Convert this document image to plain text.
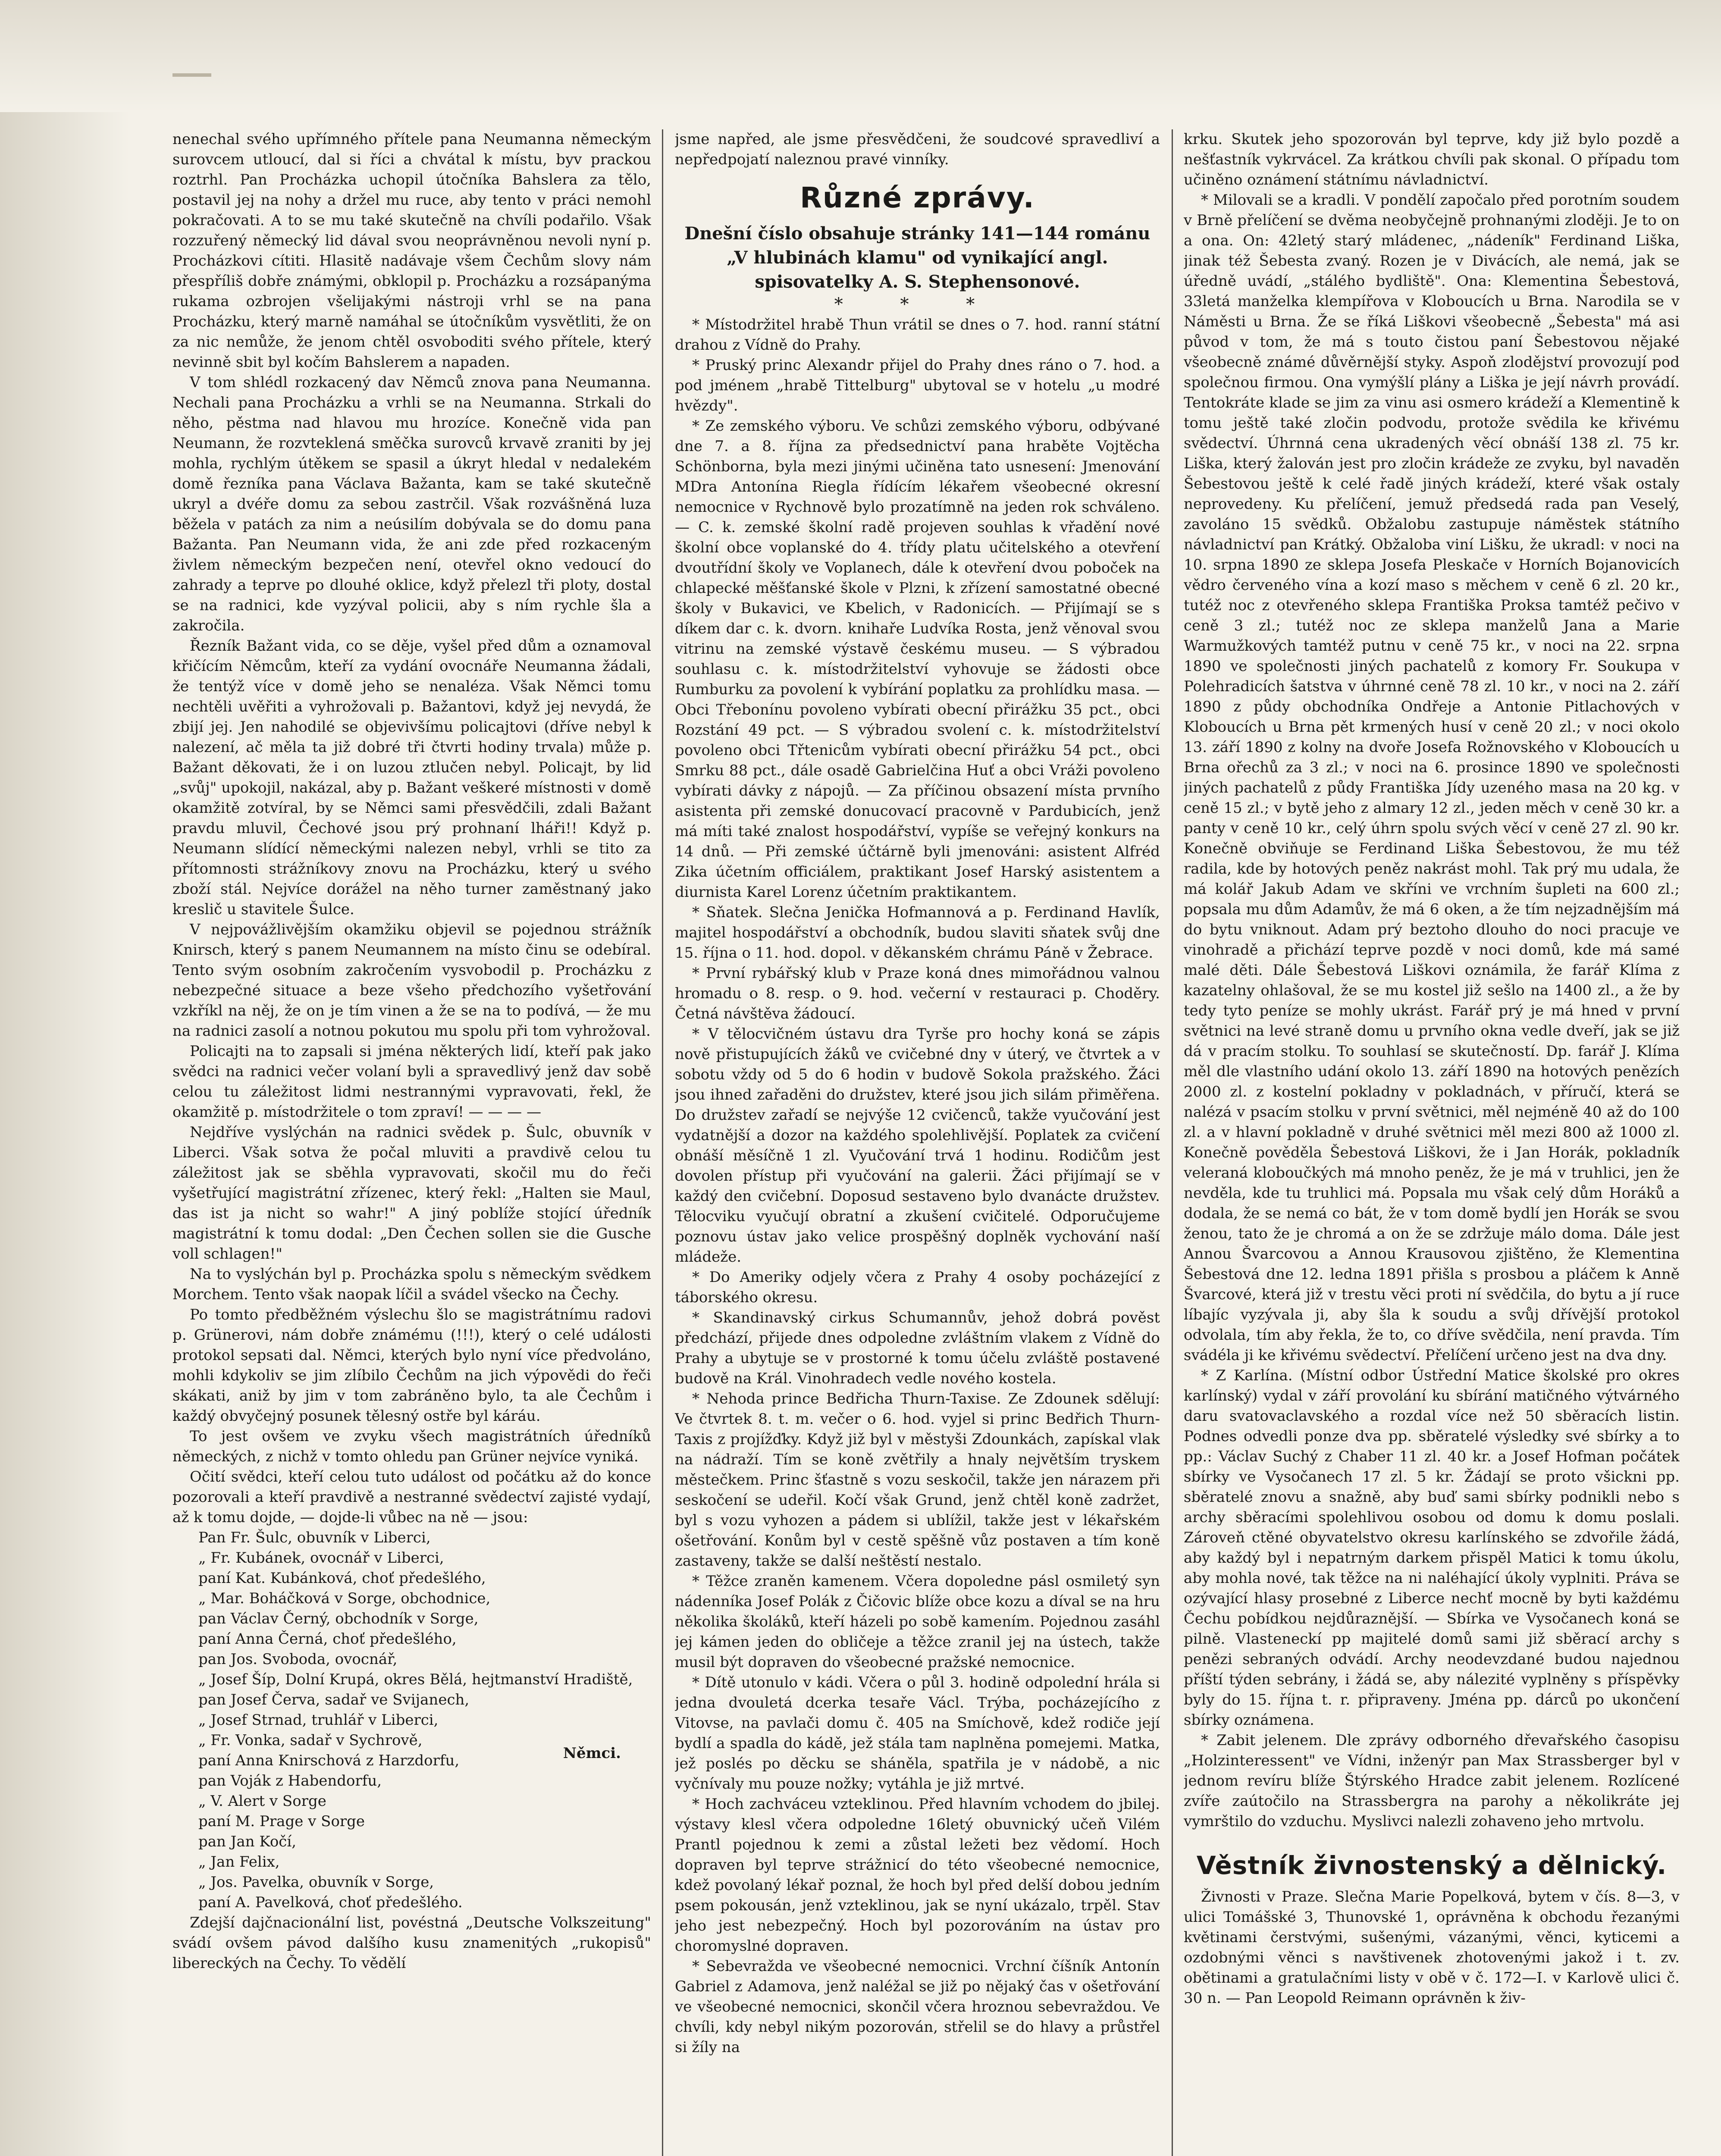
nenechal svého upřímného přítele pana Neumanna německým surovcem utloucí, dal si říci a chvátal k místu, byv prackou roztrhl. Pan Procházka uchopil útočníka Bahslera za tělo, postavil jej na nohy a držel mu ruce, aby tento v práci nemohl pokračovati. A to se mu také skutečně na chvíli podařilo. Však rozzuřený německý lid dával svou neoprávněnou nevoli nyní p. Procházkovi cítiti. Hlasitě nadávaje všem Čechům slovy nám přespříliš dobře známými, obklopil p. Procházku a rozsápanýma rukama ozbrojen všelijakými nástroji vrhl se na pana Procházku, který marně namáhal se útočníkům vysvětliti, že on za nic nemůže, že jenom chtěl osvoboditi svého přítele, který nevinně sbit byl kočím Bahslerem a napaden.

V tom shlédl rozkacený dav Němců znova pana Neumanna. Nechali pana Procházku a vrhli se na Neumanna. Strkali do něho, pěstma nad hlavou mu hrozíce. Konečně vida pan Neumann, že rozvteklená směčka surovců krvavě zraniti by jej mohla, rychlým útěkem se spasil a úkryt hledal v nedalekém domě řezníka pana Václava Bažanta, kam se také skutečně ukryl a dvéře domu za sebou zastrčil. Však rozvášněná luza běžela v patách za nim a neúsilím dobývala se do domu pana Bažanta. Pan Neumann vida, že ani zde před rozkaceným živlem německým bezpečen není, otevřel okno vedoucí do zahrady a teprve po dlouhé oklice, když přelezl tři ploty, dostal se na radnici, kde vyzýval policii, aby s ním rychle šla a zakročila.

Řezník Bažant vida, co se děje, vyšel před dům a oznamoval křičícím Němcům, kteří za vydání ovocnáře Neumanna žádali, že tentýž více v domě jeho se nenaléza. Však Němci tomu nechtěli uvěřiti a vyhrožovali p. Bažantovi, když jej nevydá, že zbijí jej. Jen nahodilé se objevivšímu policajtovi (dříve nebyl k nalezení, ač měla ta již dobré tři čtvrti hodiny trvala) může p. Bažant děkovati, že i on luzou ztlučen nebyl. Policajt, by lid „svůj" upokojil, nakázal, aby p. Bažant veškeré místnosti v domě okamžitě zotvíral, by se Němci sami přesvědčili, zdali Bažant pravdu mluvil, Čechové jsou prý prohnaní lháři!! Když p. Neumann slídící německými nalezen nebyl, vrhli se tito za přítomnosti strážníkovy znovu na Procházku, který u svého zboží stál. Nejvíce dorážel na něho turner zaměstnaný jako kreslič u stavitele Šulce.

V nejpovážlivějším okamžiku objevil se pojednou strážník Knirsch, který s panem Neumannem na místo činu se odebíral. Tento svým osobním zakročením vysvobodil p. Procházku z nebezpečné situace a beze všeho předchozího vyšetřování vzkříkl na něj, že on je tím vinen a že se na to podívá, — že mu na radnici zasolí a notnou pokutou mu spolu při tom vyhrožoval.

Policajti na to zapsali si jména některých lidí, kteří pak jako svědci na radnici večer volaní byli a spravedlivý jenž dav sobě celou tu záležitost lidmi nestrannými vypravovati, řekl, že okamžitě p. místodržitele o tom zpraví! — — — —

Nejdříve vyslýchán na radnici svědek p. Šulc, obuvník v Liberci. Však sotva že počal mluviti a pravdivě celou tu záležitost jak se sběhla vypravovati, skočil mu do řeči vyšetřující magistrátní zřízenec, který řekl: „Halten sie Maul, das ist ja nicht so wahr!" A jiný poblíže stojící úředník magistrátní k tomu dodal: „Den Čechen sollen sie die Gusche voll schlagen!"

Na to vyslýchán byl p. Procházka spolu s německým svědkem Morchem. Tento však naopak líčil a svádel všecko na Čechy.

Po tomto předběžném výslechu šlo se magistrátnímu radovi p. Grünerovi, nám dobře známému (!!!), který o celé události protokol sepsati dal. Němci, kterých bylo nyní více předvoláno, mohli kdykoliv se jim zlíbilo Čechům na jich výpovědi do řeči skákati, aniž by jim v tom zabráněno bylo, ta ale Čechům i každý obvyčejný posunek tělesný ostře byl káráu.

To jest ovšem ve zvyku všech magistrátních úředníků německých, z nichž v tomto ohledu pan Grüner nejvíce vyniká.

Očití svědci, kteří celou tuto událost od počátku až do konce pozorovali a kteří pravdivě a nestranné svědectví zajisté vydají, až k tomu dojde, — dojde-li vůbec na ně — jsou:

Pan Fr. Šulc, obuvník v Liberci,
„ Fr. Kubánek, ovocnář v Liberci,
paní Kat. Kubánková, choť předešlého,
„ Mar. Boháčková v Sorge, obchodnice,
pan Václav Černý, obchodník v Sorge,
paní Anna Černá, choť předešlého,
pan Jos. Svoboda, ovocnář,
„ Josef Šíp, Dolní Krupá, okres Bělá, hejtmanství Hradiště,
pan Josef Červa, sadař ve Svijanech,
„ Josef Strnad, truhlář v Liberci,
„ Fr. Vonka, sadař v Sychrově,
paní Anna Knirschová z Harzdorfu,
pan Voják z Habendorfu,
„ V. Alert v Sorge
paní M. Prage v Sorge
pan Jan Kočí,
„ Jan Felix,
„ Jos. Pavelka, obuvník v Sorge,
paní A. Pavelková, choť předešlého.
Němci.

Zdejší dajčnacionální list, povéstná „Deutsche Volkszeitung" svádí ovšem pávod dalšího kusu znamenitých „rukopisů" libereckých na Čechy. To vědělí

jsme napřed, ale jsme přesvědčeni, že soudcové spravedliví a nepředpojatí naleznou pravé vinníky.

Různé zprávy.
Dnešní číslo obsahuje stránky 141—144 románu „V hlubinách klamu" od vynikající angl. spisovatelky A. S. Stephensonové.
* * *

* Místodržitel hrabě Thun vrátil se dnes o 7. hod. ranní státní drahou z Vídně do Prahy.

* Pruský princ Alexandr přijel do Prahy dnes ráno o 7. hod. a pod jménem „hrabě Tittelburg" ubytoval se v hotelu „u modré hvězdy".

* Ze zemského výboru. Ve schůzi zemského výboru, odbývané dne 7. a 8. října za předsednictví pana hraběte Vojtěcha Schönborna, byla mezi jinými učiněna tato usnesení: Jmenování MDra Antonína Riegla řídícím lékařem všeobecné okresní nemocnice v Rychnově bylo prozatímně na jeden rok schváleno. — C. k. zemské školní radě projeven souhlas k vřadění nové školní obce voplanské do 4. třídy platu učitelského a otevření dvoutřídní školy ve Voplanech, dále k otevření dvou poboček na chlapecké měšťanské škole v Plzni, k zřízení samostatné obecné školy v Bukavici, ve Kbelich, v Radonicích. — Přijímají se s díkem dar c. k. dvorn. knihaře Ludvíka Rosta, jenž věnoval svou vitrinu na zemské výstavě českému museu. — S výbradou souhlasu c. k. místodržitelství vyhovuje se žádosti obce Rumburku za povolení k vybírání poplatku za prohlídku masa. — Obci Třebonínu povoleno vybírati obecní přirážku 35 pct., obci Rozstání 49 pct. — S výbradou svolení c. k. místodržitelství povoleno obci Třtenicům vybírati obecní přirážku 54 pct., obci Smrku 88 pct., dále osadě Gabrielčina Huť a obci Vráži povoleno vybírati dávky z nápojů. — Za příčinou obsazení místa prvního asistenta při zemské donucovací pracovně v Pardubicích, jenž má míti také znalost hospodářství, vypíše se veřejný konkurs na 14 dnů. — Při zemské účtárně byli jmenováni: asistent Alfréd Zika účetním officiálem, praktikant Josef Harský asistentem a diurnista Karel Lorenz účetním praktikantem.

* Sňatek. Slečna Jenička Hofmannová a p. Ferdinand Havlík, majitel hospodářství a obchodník, budou slaviti sňatek svůj dne 15. října o 11. hod. dopol. v děkanském chrámu Páně v Žebrace.

* První rybářský klub v Praze koná dnes mimořádnou valnou hromadu o 8. resp. o 9. hod. večerní v restauraci p. Choděry. Četná návštěva žádoucí.

* V tělocvičném ústavu dra Tyrše pro hochy koná se zápis nově přistupujících žáků ve cvičebné dny v úterý, ve čtvrtek a v sobotu vždy od 5 do 6 hodin v budově Sokola pražského. Žáci jsou ihned zařaděni do družstev, které jsou jich silám přiměřena. Do družstev zařadí se nejvýše 12 cvičenců, takže vyučování jest vydatnější a dozor na každého spolehlivější. Poplatek za cvičení obnáší měsíčně 1 zl. Vyučování trvá 1 hodinu. Rodičům jest dovolen přístup při vyučování na galerii. Žáci přijímají se v každý den cvičební. Doposud sestaveno bylo dvanácte družstev. Tělocviku vyučují obratní a zkušení cvičitelé. Odporučujeme poznovu ústav jako velice prospěšný doplněk vychování naší mládeže.

* Do Ameriky odjely včera z Prahy 4 osoby pocházející z táborského okresu.

* Skandinavský cirkus Schumannův, jehož dobrá pověst předchází, přijede dnes odpoledne zvláštním vlakem z Vídně do Prahy a ubytuje se v prostorné k tomu účelu zvláště postavené budově na Král. Vinohradech vedle nového kostela.

* Nehoda prince Bedřicha Thurn-Taxise. Ze Zdounek sdělují: Ve čtvrtek 8. t. m. večer o 6. hod. vyjel si princ Bedřich Thurn-Taxis z projížďky. Když již byl v městyši Zdounkách, zapískal vlak na nádraží. Tím se koně zvětřily a hnaly největším tryskem městečkem. Princ šťastně s vozu seskočil, takže jen nárazem při seskočení se udeřil. Kočí však Grund, jenž chtěl koně zadržet, byl s vozu vyhozen a pádem si ublížil, takže jest v lékařském ošetřování. Konům byl v cestě spěšně vůz postaven a tím koně zastaveny, takže se další neštěstí nestalo.

* Těžce zraněn kamenem. Včera dopoledne pásl osmiletý syn nádenníka Josef Polák z Čičovic blíže obce kozu a díval se na hru několika školáků, kteří házeli po sobě kamením. Pojednou zasáhl jej kámen jeden do obličeje a těžce zranil jej na ústech, takže musil být dopraven do všeobecné pražské nemocnice.

* Dítě utonulo v kádi. Včera o půl 3. hodině odpolední hrála si jedna dvouletá dcerka tesaře Václ. Trýba, pocházejícího z Vitovse, na pavlači domu č. 405 na Smíchově, kdež rodiče její bydlí a spadla do kádě, jež stála tam naplněna pomejemi. Matka, jež poslés po děcku se sháněla, spatřila je v nádobě, a nic vyčnívaly mu pouze nožky; vytáhla je již mrtvé.

* Hoch zachváceu vzteklinou. Před hlavním vchodem do jbilej. výstavy klesl včera odpoledne 16letý obuvnický učeň Vilém Prantl pojednou k zemi a zůstal ležeti bez vědomí. Hoch dopraven byl teprve strážnicí do této všeobecné nemocnice, kdež povolaný lékař poznal, že hoch byl před delší dobou jedním psem pokousán, jenž vzteklinou, jak se nyní ukázalo, trpěl. Stav jeho jest nebezpečný. Hoch byl pozorováním na ústav pro choromyslné dopraven.

* Sebevražda ve všeobecné nemocnici. Vrchní číšník Antonín Gabriel z Adamova, jenž naléžal se již po nějaký čas v ošetřování ve všeobecné nemocnici, skončil včera hroznou sebevraždou. Ve chvíli, kdy nebyl nikým pozorován, střelil se do hlavy a průstřel si žíly na

krku. Skutek jeho spozorován byl teprve, kdy již bylo pozdě a nešťastník vykrvácel. Za krátkou chvíli pak skonal. O případu tom učiněno oznámení státnímu návladnictví.

* Milovali se a kradli. V pondělí započalo před porotním soudem v Brně přelíčení se dvěma neobyčejně prohnanými zloději. Je to on a ona. On: 42letý starý mládenec, „nádeník" Ferdinand Liška, jinak též Šebesta zvaný. Rozen je v Divácích, ale nemá, jak se úředně uvádí, „stálého bydliště". Ona: Klementina Šebestová, 33letá manželka klempířova v Kloboucích u Brna. Narodila se v Náměsti u Brna. Že se říká Liškovi všeobecně „Šebesta" má asi původ v tom, že má s touto čistou paní Šebestovou nějaké všeobecně známé důvěrnější styky. Aspoň zlodějství provozují pod společnou firmou. Ona vymýšlí plány a Liška je její návrh provádí. Tentokráte klade se jim za vinu asi osmero krádeží a Klementině k tomu ještě také zločin podvodu, protože svědila ke křivému svědectví. Úhrnná cena ukradených věcí obnáší 138 zl. 75 kr. Liška, který žalován jest pro zločin krádeže ze zvyku, byl navaděn Šebestovou ještě k celé řadě jiných krádeží, které však ostaly neprovedeny. Ku přelíčení, jemuž předsedá rada pan Veselý, zavoláno 15 svědků. Obžalobu zastupuje náměstek státního návladnictví pan Krátký. Obžaloba viní Lišku, že ukradl: v noci na 10. srpna 1890 ze sklepa Josefa Pleskače v Horních Bojanovicích vědro červeného vína a kozí maso s měchem v ceně 6 zl. 20 kr., tutéž noc z otevřeného sklepa Františka Proksa tamtéž pečivo v ceně 3 zl.; tutéž noc ze sklepa manželů Jana a Marie Warmužkových tamtéž putnu v ceně 75 kr., v noci na 22. srpna 1890 ve společnosti jiných pachatelů z komory Fr. Soukupa v Polehradicích šatstva v úhrnné ceně 78 zl. 10 kr., v noci na 2. září 1890 z půdy obchodníka Ondřeje a Antonie Pitlachových v Kloboucích u Brna pět krmených husí v ceně 20 zl.; v noci okolo 13. září 1890 z kolny na dvoře Josefa Rožnovského v Kloboucích u Brna ořechů za 3 zl.; v noci na 6. prosince 1890 ve společnosti jiných pachatelů z půdy Františka Jídy uzeného masa na 20 kg. v ceně 15 zl.; v bytě jeho z almary 12 zl., jeden měch v ceně 30 kr. a panty v ceně 10 kr., celý úhrn spolu svých věcí v ceně 27 zl. 90 kr. Konečně obviňuje se Ferdinand Liška Šebestovou, že mu též radila, kde by hotových peněz nakrást mohl. Tak prý mu udala, že má kolář Jakub Adam ve skříni ve vrchním šupleti na 600 zl.; popsala mu dům Adamův, že má 6 oken, a že tím nejzadnějším má do bytu vniknout. Adam prý beztoho dlouho do noci pracuje ve vinohradě a přichází teprve pozdě v noci domů, kde má samé malé děti. Dále Šebestová Liškovi oznámila, že farář Klíma z kazatelny ohlašoval, že se mu kostel již sešlo na 1400 zl., a že by tedy tyto peníze se mohly ukrást. Farář prý je má hned v první světnici na levé straně domu u prvního okna vedle dveří, jak se již dá v pracím stolku. To souhlasí se skutečností. Dp. farář J. Klíma měl dle vlastního udání okolo 13. září 1890 na hotových penězích 2000 zl. z kostelní pokladny v pokladnách, v příručí, která se nalézá v psacím stolku v první světnici, měl nejméně 40 až do 100 zl. a v hlavní pokladně v druhé světnici měl mezi 800 až 1000 zl. Konečně pověděla Šebestová Liškovi, že i Jan Horák, pokladník veleraná kloboučkých má mnoho peněz, že je má v truhlici, jen že nevděla, kde tu truhlici má. Popsala mu však celý dům Horáků a dodala, že se nemá co bát, že v tom domě bydlí jen Horák se svou ženou, tato že je chromá a on že se zdržuje málo doma. Dále jest Annou Švarcovou a Annou Krausovou zjištěno, že Klementina Šebestová dne 12. ledna 1891 přišla s prosbou a pláčem k Anně Švarcové, která již v trestu věci proti ní svědčila, do bytu a jí ruce líbajíc vyzývala ji, aby šla k soudu a svůj dřívější protokol odvolala, tím aby řekla, že to, co dříve svědčila, není pravda. Tím svádéla ji ke křivému svědectví. Přelíčení určeno jest na dva dny.

* Z Karlína. (Místní odbor Ústřední Matice školské pro okres karlínský) vydal v září provolání ku sbírání matičného výtvárného daru svatovaclavského a rozdal více než 50 sběracích listin. Podnes odvedli ponze dva pp. sběratelé výsledky své sbírky a to pp.: Václav Suchý z Chaber 11 zl. 40 kr. a Josef Hofman počátek sbírky ve Vysočanech 17 zl. 5 kr. Žádají se proto všickni pp. sběratelé znovu a snažně, aby buď sami sbírky podnikli nebo s archy sběracími spolehlivou osobou od domu k domu poslali. Zároveň ctěné obyvatelstvo okresu karlínského se zdvořile žádá, aby každý byl i nepatrným darkem přispěl Matici k tomu úkolu, aby mohla nové, tak těžce na ni naléhající úkoly vyplniti. Práva se ozývající hlasy prosebné z Liberce nechť mocně by byti každému Čechu pobídkou nejdůraznější. — Sbírka ve Vysočanech koná se pilně. Vlasteneckí pp majitelé domů sami již sběrací archy s penězi sebraných odvádí. Archy neodevzdané budou najednou příští týden sebrány, i žádá se, aby nálezité vyplněny s příspěvky byly do 15. října t. r. připraveny. Jména pp. dárců po ukončení sbírky oznámena.

* Zabit jelenem. Dle zprávy odborného dřevařského časopisu „Holzinteressent" ve Vídni, inženýr pan Max Strassberger byl v jednom revíru blíže Štýrského Hradce zabit jelenem. Rozlícené zvíře zaútočilo na Strassbergra na parohy a několikráte jej vymrštilo do vzduchu. Myslivci nalezli zohaveno jeho mrtvolu.

Věstník živnostenský a dělnický.

Živnosti v Praze. Slečna Marie Popelková, bytem v čís. 8—3, v ulici Tomášské 3, Thunovské 1, oprávněna k obchodu řezanými květinami čerstvými, sušenými, vázanými, věnci, kyticemi a ozdobnými věnci s navštivenek zhotovenými jakož i t. zv. obětinami a gratulačními listy v obě v č. 172—I. v Karlově ulici č. 30 n. — Pan Leopold Reimann oprávněn k živ-
